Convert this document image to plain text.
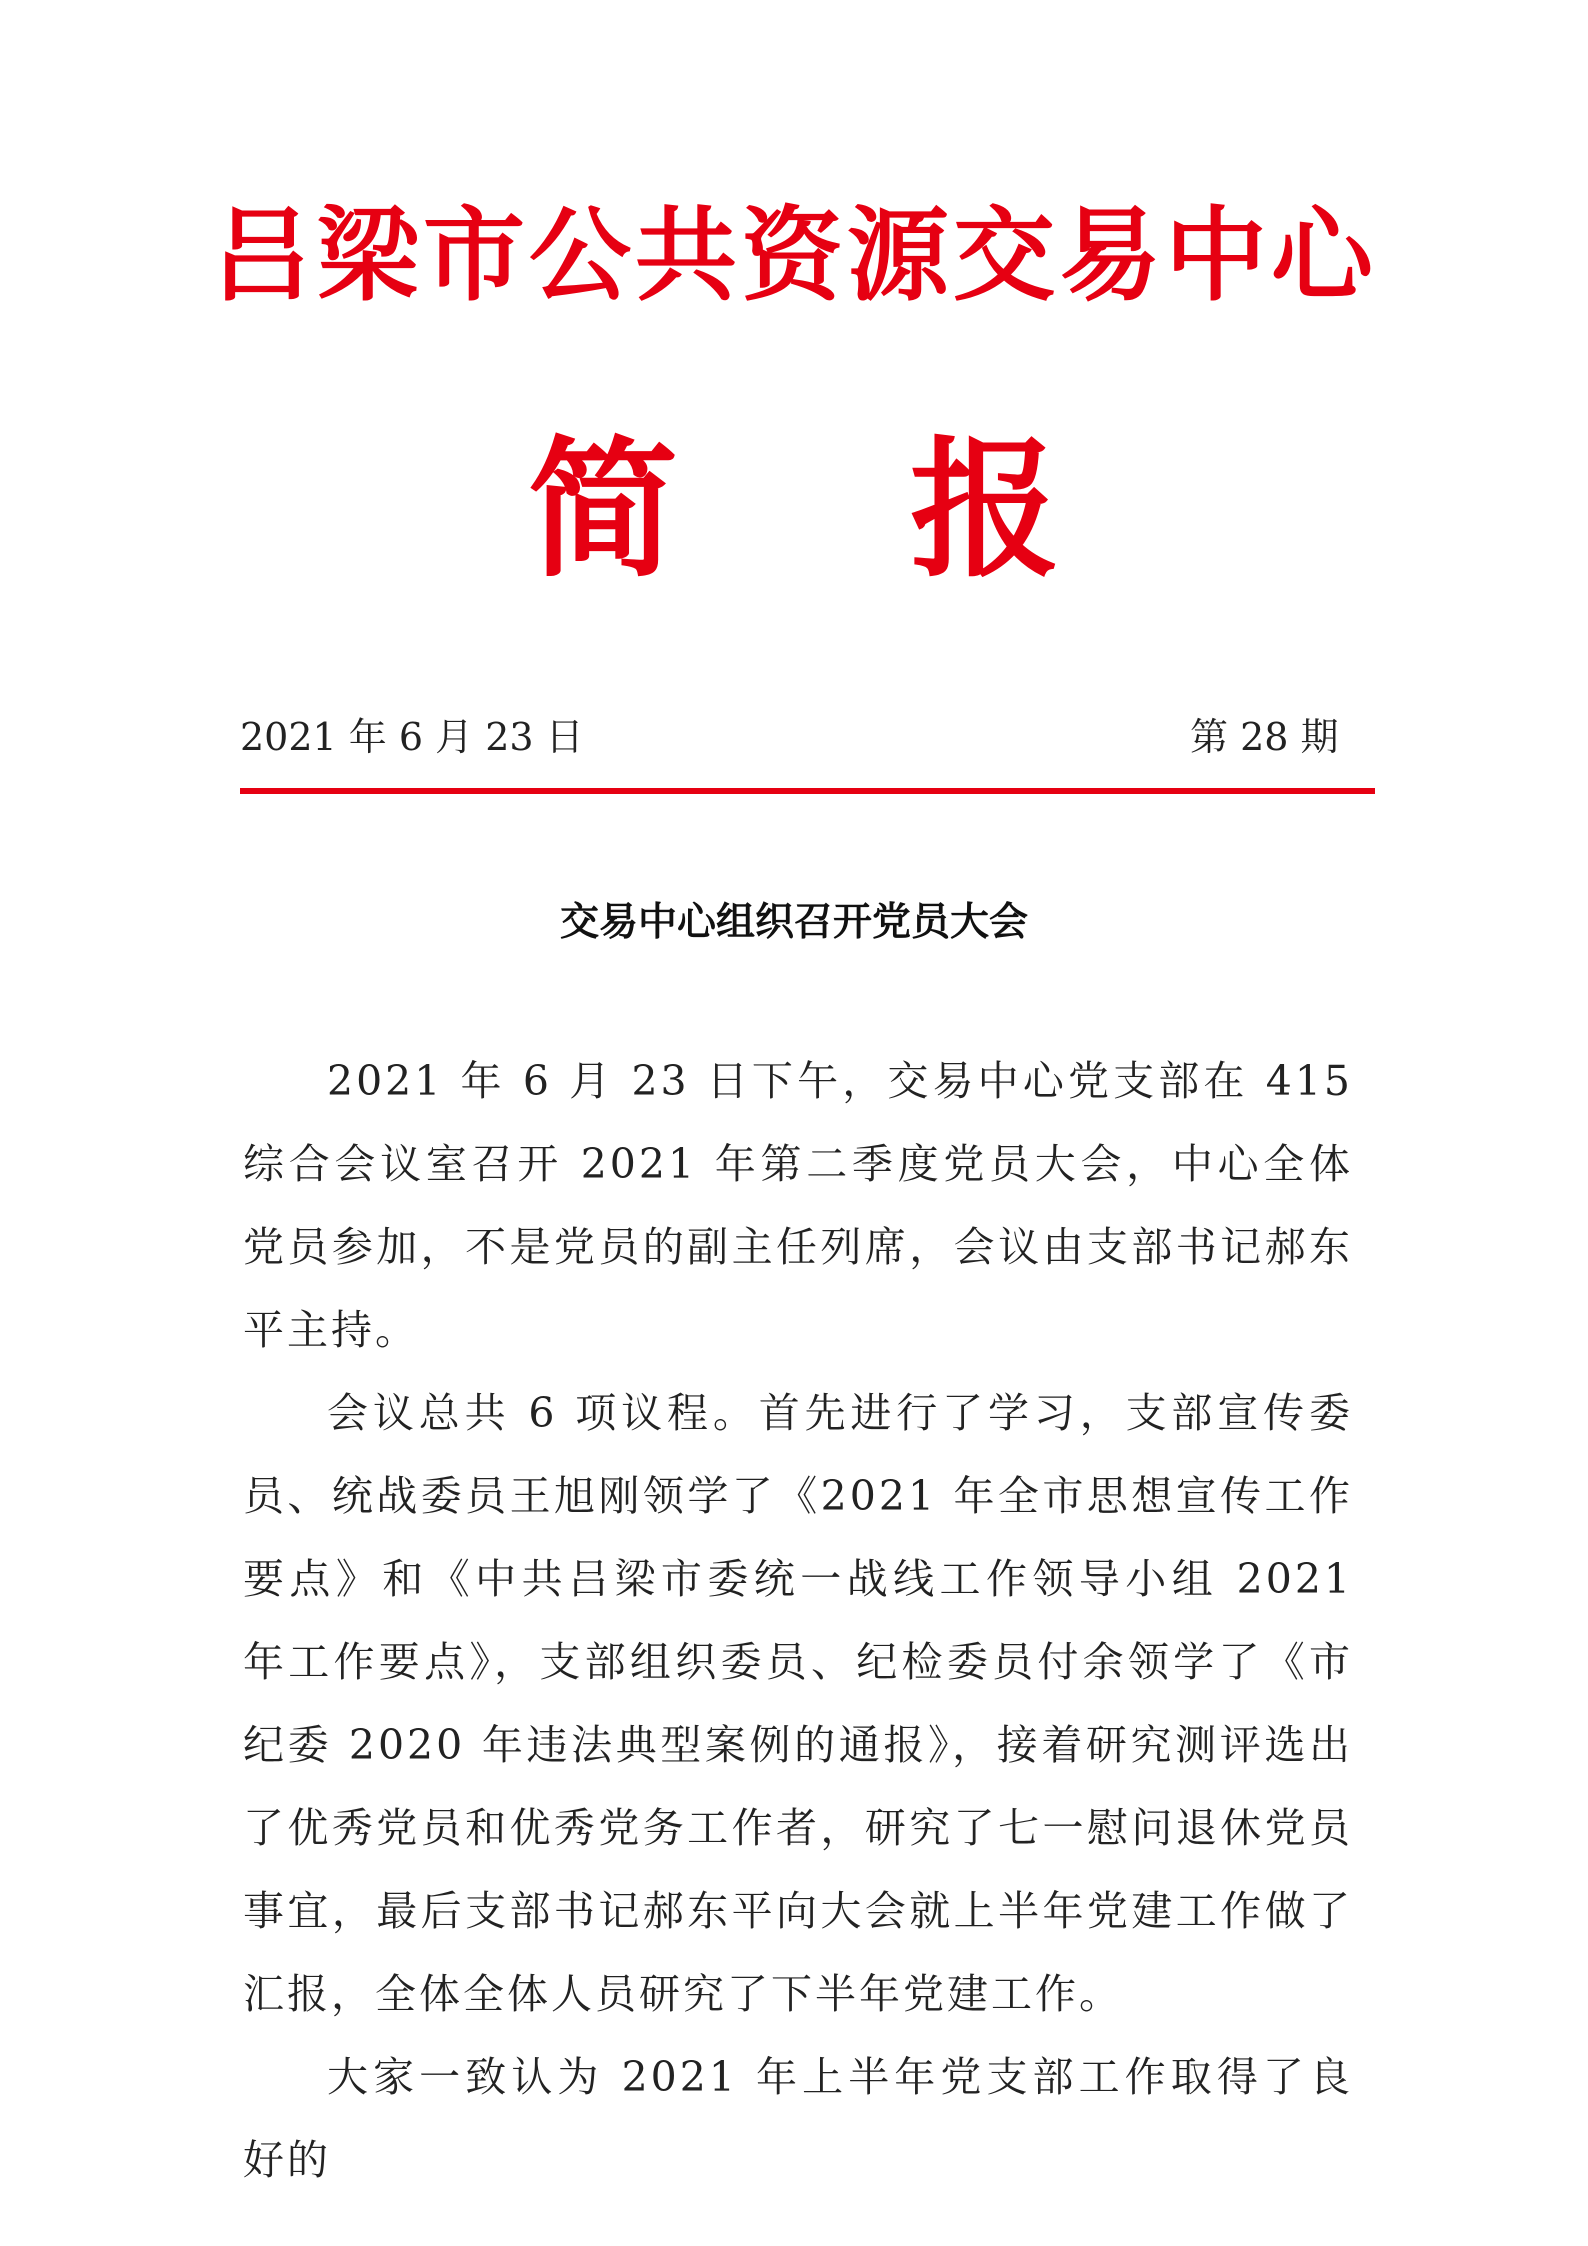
吕梁市公共资源交易中心
简报
2021 年 6 月 23 日	第 28 期
交易中心组织召开党员大会

2021 年 6 月 23 日下午，交易中心党支部在 415 综合会议室召开 2021 年第二季度党员大会，中心全体党员参加，不是党员的副主任列席，会议由支部书记郝东平主持。

会议总共 6 项议程。首先进行了学习，支部宣传委员、统战委员王旭刚领学了《2021 年全市思想宣传工作要点》和《中共吕梁市委统一战线工作领导小组 2021 年工作要点》，支部组织委员、纪检委员付余领学了《市纪委 2020 年违法典型案例的通报》，接着研究测评选出了优秀党员和优秀党务工作者，研究了七一慰问退休党员事宜，最后支部书记郝东平向大会就上半年党建工作做了汇报，全体全体人员研究了下半年党建工作。

大家一致认为 2021 年上半年党支部工作取得了良好的
